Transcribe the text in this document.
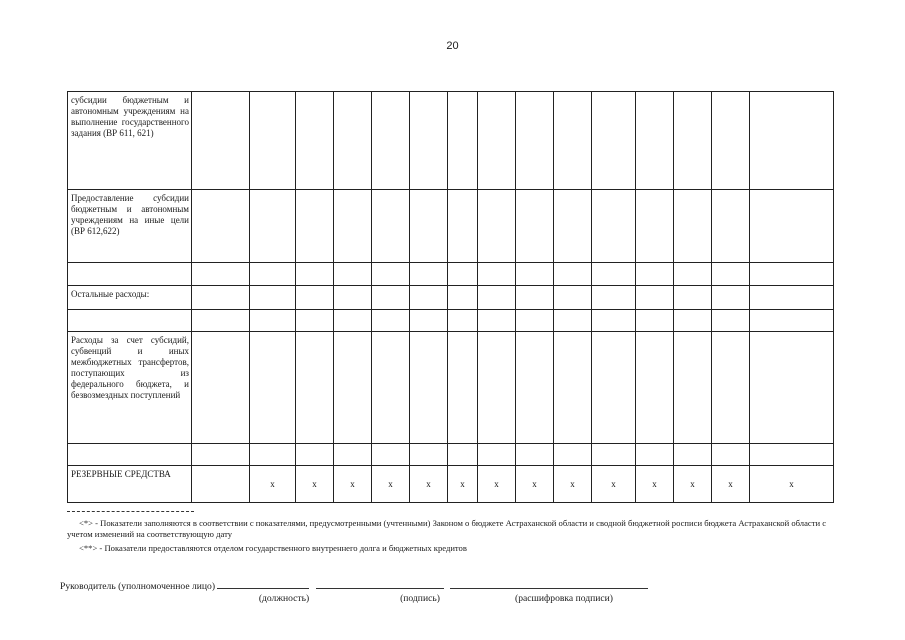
20
субсидии бюджетным и автономным учреждениям на выполнение государственного задания (ВР 611, 621)															
Предоставление субсидии бюджетным и автономным учреждениям на иные цели (ВР 612,622)															

Остальные расходы:															

Расходы за счет субсидий, субвенций и иных межбюджетных трансфертов, поступающих из федерального бюджета, и безвозмездных поступлений															

РЕЗЕРВНЫЕ СРЕДСТВА		х	х	х	х	х	х	х	х	х	х	х	х	х	х
<*> - Показатели заполняются в соответствии с показателями, предусмотренными (учтенными) Законом о бюджете Астраханской области и сводной бюджетной росписи бюджета Астраханской области с учетом изменений на соответствующую дату
<**> - Показатели предоставляются отделом государственного внутреннего долга и бюджетных кредитов
Руководитель (уполномоченное лицо)
(должность)	(подпись)	(расшифровка подписи)
